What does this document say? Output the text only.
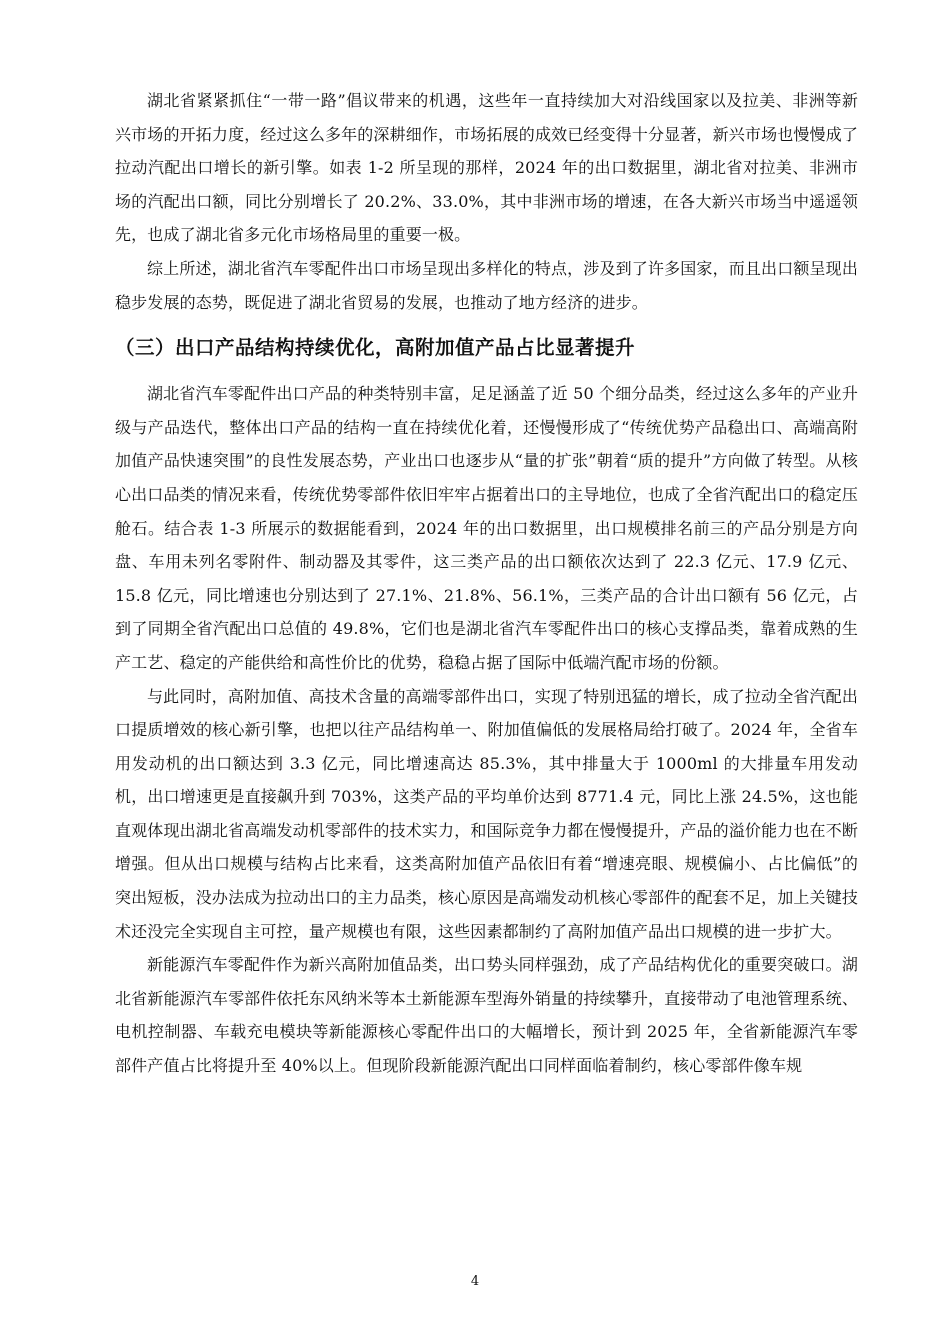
湖北省紧紧抓住“一带一路”倡议带来的机遇，这些年一直持续加大对沿线国家以及拉美、非洲等新兴市场的开拓力度，经过这么多年的深耕细作，市场拓展的成效已经变得十分显著，新兴市场也慢慢成了拉动汽配出口增长的新引擎。如表 1-2 所呈现的那样，2024 年的出口数据里，湖北省对拉美、非洲市场的汽配出口额，同比分别增长了 20.2%、33.0%，其中非洲市场的增速，在各大新兴市场当中遥遥领先，也成了湖北省多元化市场格局里的重要一极。

综上所述，湖北省汽车零配件出口市场呈现出多样化的特点，涉及到了许多国家，而且出口额呈现出稳步发展的态势，既促进了湖北省贸易的发展，也推动了地方经济的进步。

（三）出口产品结构持续优化，高附加值产品占比显著提升

湖北省汽车零配件出口产品的种类特别丰富，足足涵盖了近 50 个细分品类，经过这么多年的产业升级与产品迭代，整体出口产品的结构一直在持续优化着，还慢慢形成了“传统优势产品稳出口、高端高附加值产品快速突围”的良性发展态势，产业出口也逐步从“量的扩张”朝着“质的提升”方向做了转型。从核心出口品类的情况来看，传统优势零部件依旧牢牢占据着出口的主导地位，也成了全省汽配出口的稳定压舱石。结合表 1-3 所展示的数据能看到，2024 年的出口数据里，出口规模排名前三的产品分别是方向盘、车用未列名零附件、制动器及其零件，这三类产品的出口额依次达到了 22.3 亿元、17.9 亿元、15.8 亿元，同比增速也分别达到了 27.1%、21.8%、56.1%，三类产品的合计出口额有 56 亿元，占到了同期全省汽配出口总值的 49.8%，它们也是湖北省汽车零配件出口的核心支撑品类，靠着成熟的生产工艺、稳定的产能供给和高性价比的优势，稳稳占据了国际中低端汽配市场的份额。

与此同时，高附加值、高技术含量的高端零部件出口，实现了特别迅猛的增长，成了拉动全省汽配出口提质增效的核心新引擎，也把以往产品结构单一、附加值偏低的发展格局给打破了。2024 年，全省车用发动机的出口额达到 3.3 亿元，同比增速高达 85.3%，其中排量大于 1000ml 的大排量车用发动机，出口增速更是直接飙升到 703%，这类产品的平均单价达到 8771.4 元，同比上涨 24.5%，这也能直观体现出湖北省高端发动机零部件的技术实力，和国际竞争力都在慢慢提升，产品的溢价能力也在不断增强。但从出口规模与结构占比来看，这类高附加值产品依旧有着“增速亮眼、规模偏小、占比偏低”的突出短板，没办法成为拉动出口的主力品类，核心原因是高端发动机核心零部件的配套不足，加上关键技术还没完全实现自主可控，量产规模也有限，这些因素都制约了高附加值产品出口规模的进一步扩大。

新能源汽车零配件作为新兴高附加值品类，出口势头同样强劲，成了产品结构优化的重要突破口。湖北省新能源汽车零部件依托东风纳米等本土新能源车型海外销量的持续攀升，直接带动了电池管理系统、电机控制器、车载充电模块等新能源核心零配件出口的大幅增长，预计到 2025 年，全省新能源汽车零部件产值占比将提升至 40%以上。但现阶段新能源汽配出口同样面临着制约，核心零部件像车规

4
